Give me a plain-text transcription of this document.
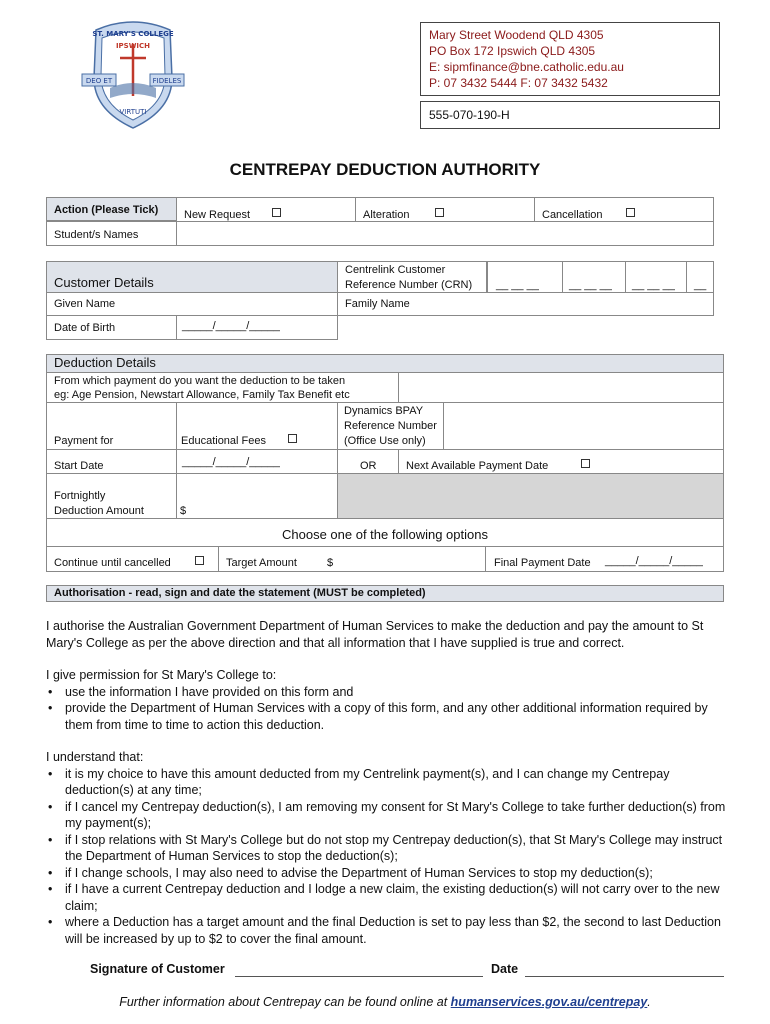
ST. MARY'S COLLEGE
IPSWICH
DEO ET	FIDELES
VIRTUTI
Mary Street Woodend QLD 4305
PO Box 172 Ipswich QLD 4305
E: sipmfinance@bne.catholic.edu.au
P: 07 3432 5444 F: 07 3432 5432
555-070-190-H
CENTREPAY DEDUCTION AUTHORITY
Action (Please Tick) New Request	Alteration	Cancellation
Student/s Names
Customer Details
Centrelink Customer
Reference Number (CRN) __ __ __	__ __ __ __ __ __ __
Given Name	Family Name
Date of Birth	_____/_____/_____
Deduction Details
From which payment do you want the deduction to be taken
eg: Age Pension, Newstart Allowance, Family Tax Benefit etc
Payment for	Educational Fees
Dynamics BPAY
Reference Number
(Office Use only)
Start Date	_____/_____/_____	OR	Next Available Payment Date
Fortnightly
Deduction Amount	$
Choose one of the following options
Continue until cancelled	Target Amount	$	Final Payment Date _____/_____/_____
Authorisation - read, sign and date the statement (MUST be completed)

I authorise the Australian Government Department of Human Services to make the deduction and pay the amount to St Mary's College as per the above direction and that all information that I have supplied is true and correct.

I give permission for St Mary's College to:
• use the information I have provided on this form and
• provide the Department of Human Services with a copy of this form, and any other additional information required by them from time to time to action this deduction.
I understand that:
• it is my choice to have this amount deducted from my Centrelink payment(s), and I can change my Centrepay deduction(s) at any time;
• if I cancel my Centrepay deduction(s), I am removing my consent for St Mary's College to take further deduction(s) from my payment(s);
• if I stop relations with St Mary's College but do not stop my Centrepay deduction(s), that St Mary's College may instruct the Department of Human Services to stop the deduction(s);
• if I change schools, I may also need to advise the Department of Human Services to stop my deduction(s);
• if I have a current Centrepay deduction and I lodge a new claim, the existing deduction(s) will not carry over to the new claim;
• where a Deduction has a target amount and the final Deduction is set to pay less than $2, the second to last Deduction will be increased by up to $2 to cover the final amount.
Signature of Customer	Date
Further information about Centrepay can be found online at humanservices.gov.au/centrepay.
